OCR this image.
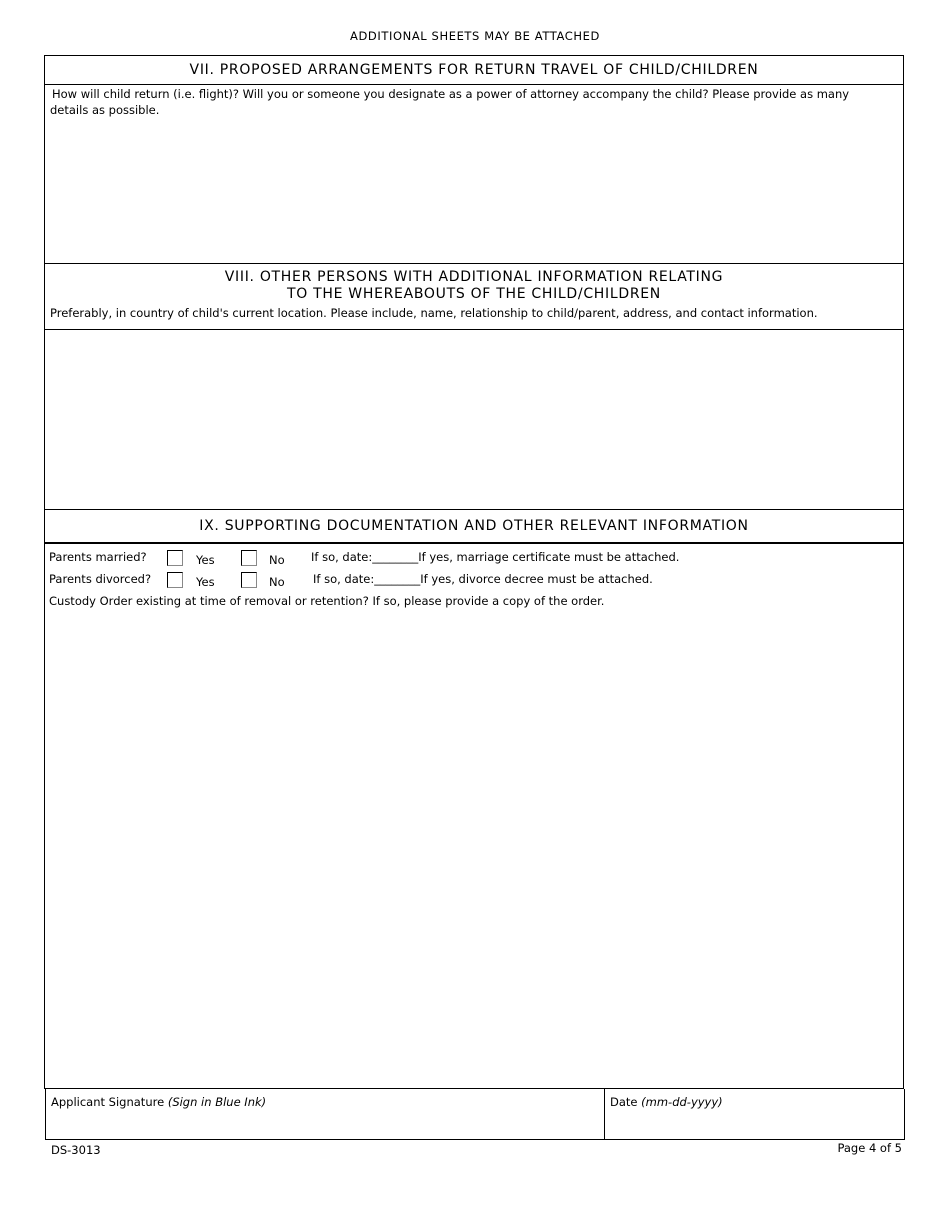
ADDITIONAL SHEETS MAY BE ATTACHED
VII. PROPOSED ARRANGEMENTS FOR RETURN TRAVEL OF CHILD/CHILDREN
How will child return (i.e. flight)? Will you or someone you designate as a power of attorney accompany the child? Please provide as many details as possible.
VIII. OTHER PERSONS WITH ADDITIONAL INFORMATION RELATING
TO THE WHEREABOUTS OF THE CHILD/CHILDREN
Preferably, in country of child's current location. Please include, name, relationship to child/parent, address, and contact information.
IX. SUPPORTING DOCUMENTATION AND OTHER RELEVANT INFORMATION
Parents married?	Yes	No If so, date:________If yes, marriage certificate must be attached.
Parents divorced?	Yes	No If so, date:________If yes, divorce decree must be attached.
Custody Order existing at time of removal or retention? If so, please provide a copy of the order.
Applicant Signature (Sign in Blue Ink)	Date (mm-dd-yyyy)
DS-3013	Page 4 of 5
